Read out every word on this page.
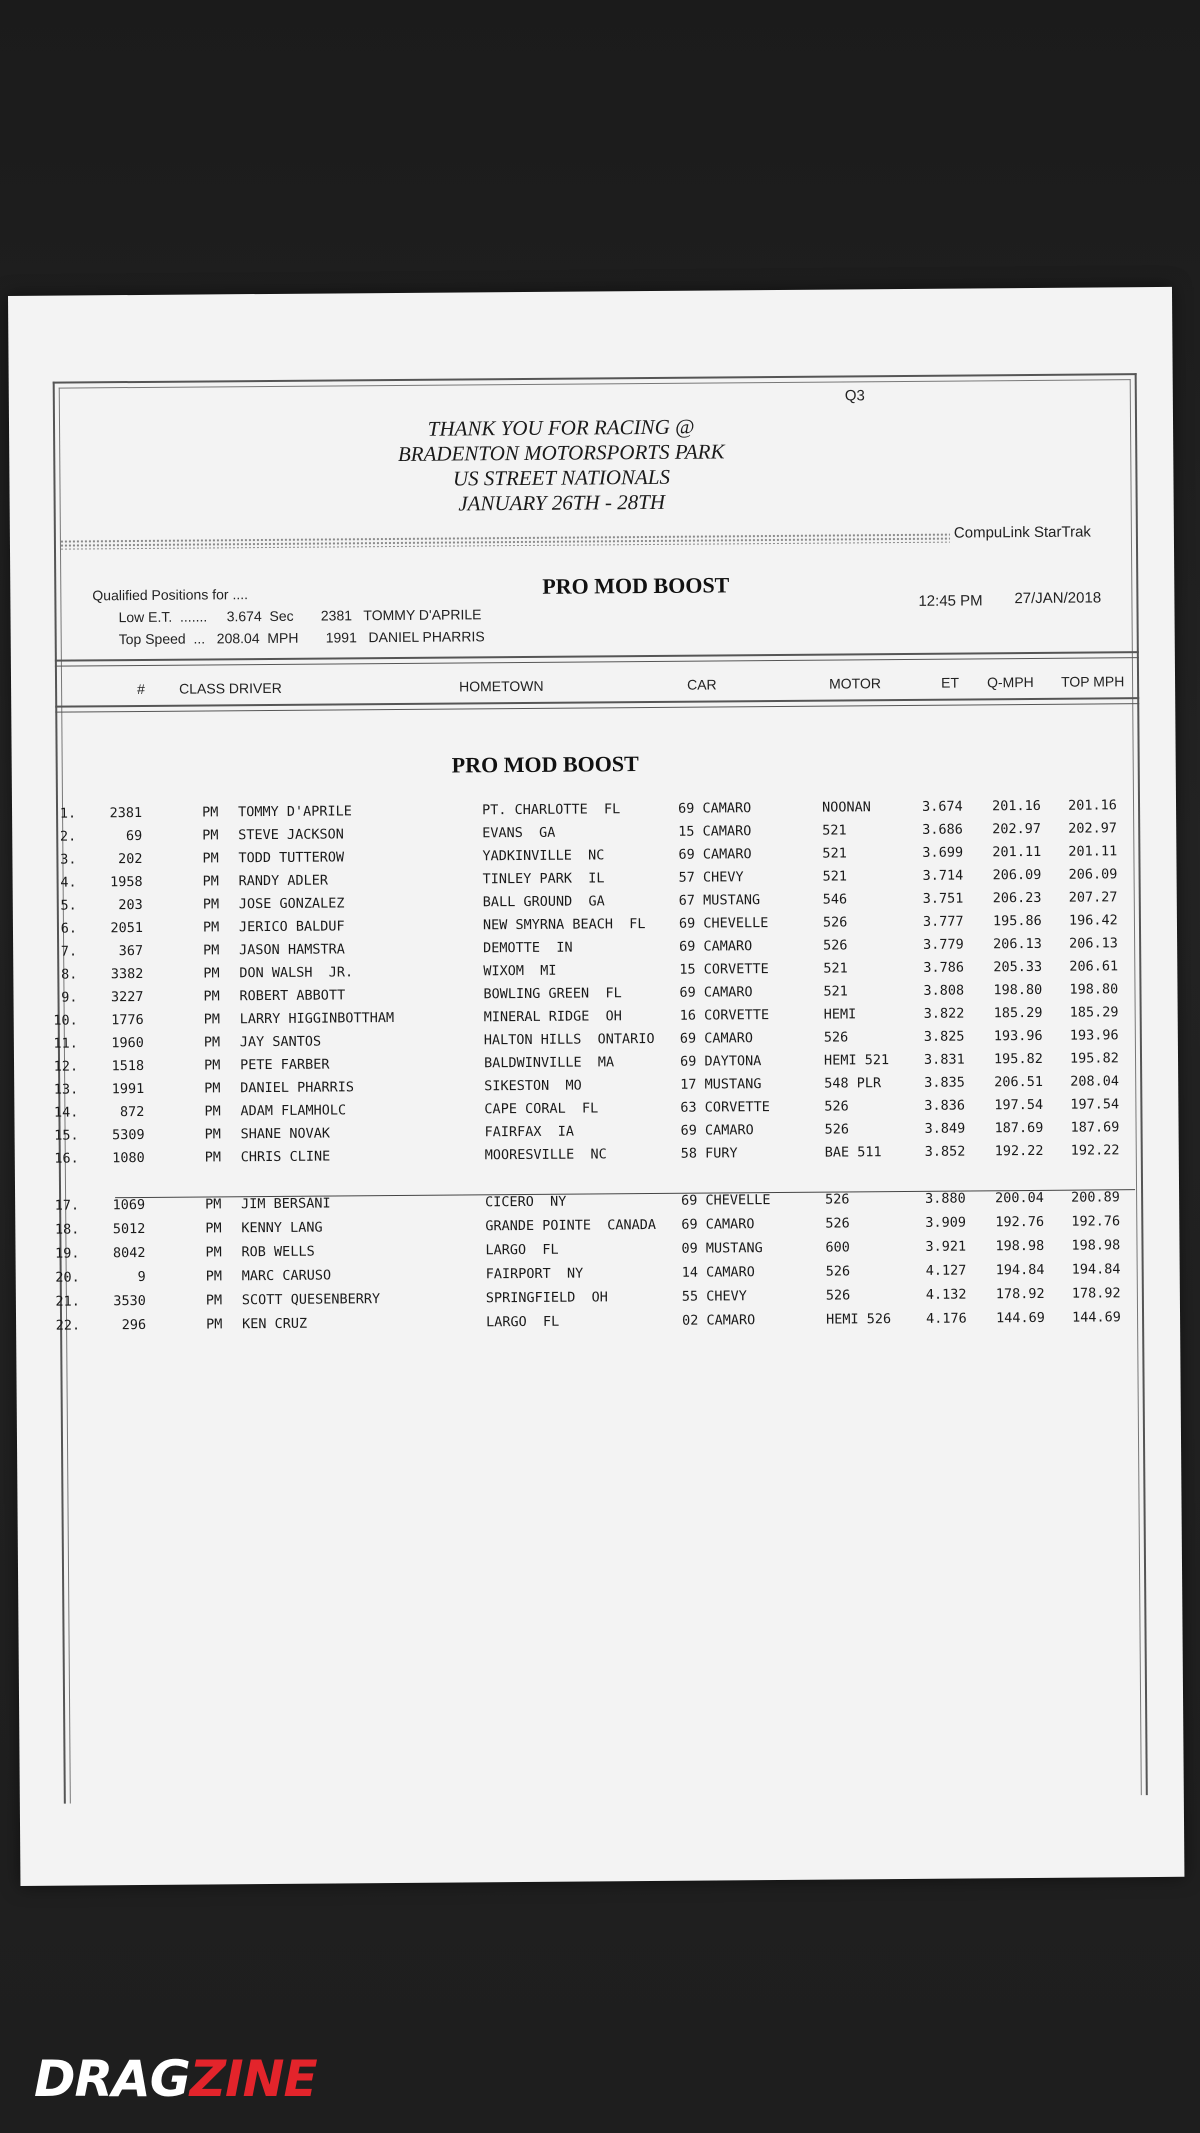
Q3
THANK YOU FOR RACING @
BRADENTON MOTORSPORTS PARK
US STREET NATIONALS
JANUARY 26TH - 28TH
CompuLink StarTrak
Qualified Positions for ....
Low E.T.  .......     3.674  Sec       2381   TOMMY D'APRILE
Top Speed  ...   208.04  MPH       1991   DANIEL PHARRIS
PRO MOD BOOST
12:45 PM 27/JAN/2018
# CLASS DRIVER	HOMETOWN	CAR	MOTOR	ET Q-MPH TOP MPH
PRO MOD BOOST
1.	2381	PM TOMMY D'APRILE	PT. CHARLOTTE  FL	69 CAMARO	NOONAN	3.674 201.16 201.16
2.	69	PM STEVE JACKSON	EVANS  GA	15 CAMARO	521	3.686 202.97 202.97
3.	202	PM TODD TUTTEROW	YADKINVILLE  NC	69 CAMARO	521	3.699 201.11 201.11
4.	1958	PM RANDY ADLER	TINLEY PARK  IL	57 CHEVY	521	3.714 206.09 206.09
5.	203	PM JOSE GONZALEZ	BALL GROUND  GA	67 MUSTANG	546	3.751 206.23 207.27
6.	2051	PM JERICO BALDUF	NEW SMYRNA BEACH  FL 69 CHEVELLE	526	3.777 195.86 196.42
7.	367	PM JASON HAMSTRA	DEMOTTE  IN	69 CAMARO	526	3.779 206.13 206.13
8.	3382	PM DON WALSH  JR.	WIXOM  MI	15 CORVETTE	521	3.786 205.33 206.61
9.	3227	PM ROBERT ABBOTT	BOWLING GREEN  FL	69 CAMARO	521	3.808 198.80 198.80
10.	1776	PM LARRY HIGGINBOTTHAM	MINERAL RIDGE  OH	16 CORVETTE	HEMI	3.822 185.29 185.29
11.	1960	PM JAY SANTOS	HALTON HILLS  ONTARIO 69 CAMARO	526	3.825 193.96 193.96
12.	1518	PM PETE FARBER	BALDWINVILLE  MA	69 DAYTONA	HEMI 521	3.831 195.82 195.82
13.	1991	PM DANIEL PHARRIS	SIKESTON  MO	17 MUSTANG	548 PLR	3.835 206.51 208.04
14.	872	PM ADAM FLAMHOLC	CAPE CORAL  FL	63 CORVETTE	526	3.836 197.54 197.54
15.	5309	PM SHANE NOVAK	FAIRFAX  IA	69 CAMARO	526	3.849 187.69 187.69
16.	1080	PM CHRIS CLINE	MOORESVILLE  NC	58 FURY	BAE 511	3.852 192.22 192.22
17.	1069	PM JIM BERSANI	CICERO  NY	69 CHEVELLE	526	3.880 200.04 200.89
18.	5012	PM KENNY LANG	GRANDE POINTE  CANADA 69 CAMARO	526	3.909 192.76 192.76
19.	8042	PM ROB WELLS	LARGO  FL	09 MUSTANG	600	3.921 198.98 198.98
20.	9	PM MARC CARUSO	FAIRPORT  NY	14 CAMARO	526	4.127 194.84 194.84
21.	3530	PM SCOTT QUESENBERRY	SPRINGFIELD  OH	55 CHEVY	526	4.132 178.92 178.92
22.	296	PM KEN CRUZ	LARGO  FL	02 CAMARO	HEMI 526	4.176 144.69 144.69
DRAGZINE
